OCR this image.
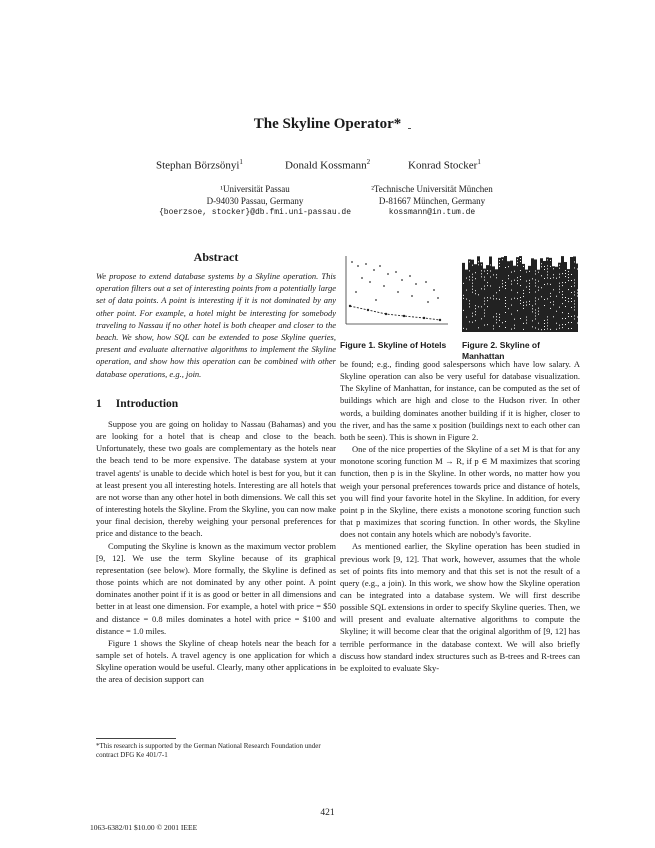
The Skyline Operator*
Stephan Börzsönyi$^1$	Donald Kossmann$^2$	Konrad Stocker$^1$
¹Universität Passau
D-94030 Passau, Germany
{boerzsoe, stocker}@db.fmi.uni-passau.de
²Technische Universität München
D-81667 München, Germany
kossmann@in.tum.de
Abstract
We propose to extend database systems by a Skyline operation. This operation filters out a set of interesting points from a potentially large set of data points. A point is interesting if it is not dominated by any other point. For example, a hotel might be interesting for somebody traveling to Nassau if no other hotel is both cheaper and closer to the beach. We show, how SQL can be extended to pose Skyline queries, present and evaluate alternative algorithms to implement the Skyline operation, and show how this operation can be combined with other database operations, e.g., join.
1 Introduction

Suppose you are going on holiday to Nassau (Bahamas) and you are looking for a hotel that is cheap and close to the beach. Unfortunately, these two goals are complementary as the hotels near the beach tend to be more expensive. The database system at your travel agents' is unable to decide which hotel is best for you, but it can at least present you all interesting hotels. Interesting are all hotels that are not worse than any other hotel in both dimensions. We call this set of interesting hotels the Skyline. From the Skyline, you can now make your final decision, thereby weighing your personal preferences for price and distance to the beach.

Computing the Skyline is known as the maximum vector problem [9, 12]. We use the term Skyline because of its graphical representation (see below). More formally, the Skyline is defined as those points which are not dominated by any other point. A point dominates another point if it is as good or better in all dimensions and better in at least one dimension. For example, a hotel with price = $50 and distance = 0.8 miles dominates a hotel with price = $100 and distance = 1.0 miles.

Figure 1 shows the Skyline of cheap hotels near the beach for a sample set of hotels. A travel agency is one application for which a Skyline operation would be useful. Clearly, many other applications in the area of decision support can

*This research is supported by the German National Research Foundation under contract DFG Ke 401/7-1
Figure 1. Skyline of Hotels	Figure 2. Skyline of Manhattan

be found; e.g., finding good salespersons which have low salary. A Skyline operation can also be very useful for database visualization. The Skyline of Manhattan, for instance, can be computed as the set of buildings which are high and close to the Hudson river. In other words, a building dominates another building if it is higher, closer to the river, and has the same x position (buildings next to each other can both be seen). This is shown in Figure 2.

One of the nice properties of the Skyline of a set M is that for any monotone scoring function M → R, if p ∈ M maximizes that scoring function, then p is in the Skyline. In other words, no matter how you weigh your personal preferences towards price and distance of hotels, you will find your favorite hotel in the Skyline. In addition, for every point p in the Skyline, there exists a monotone scoring function such that p maximizes that scoring function. In other words, the Skyline does not contain any hotels which are nobody's favorite.

As mentioned earlier, the Skyline operation has been studied in previous work [9, 12]. That work, however, assumes that the whole set of points fits into memory and that this set is not the result of a query (e.g., a join). In this work, we show how the Skyline operation can be integrated into a database system. We will first describe possible SQL extensions in order to specify Skyline queries. Then, we will present and evaluate alternative algorithms to compute the Skyline; it will become clear that the original algorithm of [9, 12] has terrible performance in the database context. We will also briefly discuss how standard index structures such as B-trees and R-trees can be exploited to evaluate Sky-

421
1063-6382/01 $10.00 © 2001 IEEE
